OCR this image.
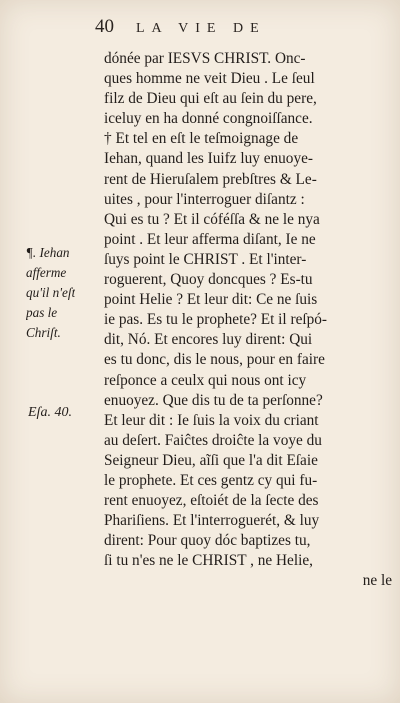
40 LA VIE DE
dónée par IESVS CHRIST. Onc-
ques homme ne veit Dieu . Le ſeul
filz de Dieu qui eſt au ſein du pere,
iceluy en ha donné congnoiſſance.
† Et tel en eſt le teſmoignage de
Iehan, quand les Iuifz luy enuoye-
rent de Hieruſalem prebſtres & Le-
uites , pour l'interroguer diſantz :
Qui es tu ? Et il cóféſſa & ne le nya
point . Et leur afferma diſant, Ie ne
ſuys point le CHRIST . Et l'inter-
roguerent, Quoy doncques ? Es-tu
point Helie ? Et leur dit: Ce ne ſuis
ie pas. Es tu le prophete? Et il reſpó-
dit, Nó. Et encores luy dirent: Qui
es tu donc, dis le nous, pour en faire
reſponce a ceulx qui nous ont icy
enuoyez. Que dis tu de ta perſonne?
Et leur dit : Ie ſuis la voix du criant
au deſert. Faiĉtes droiĉte la voye du
Seigneur Dieu, aĩſi que l'a dit Eſaie
le prophete. Et ces gentz cy qui fu-
rent enuoyez, eſtoiét de la ſecte des
Phariſiens. Et l'interroguerét, & luy
dirent: Pour quoy dóc baptizes tu,
ſi tu n'es ne le CHRIST , ne Helie,
ne le
¶. Iehan
afferme
qu'il n'eſt
pas le
Chriſt.
Eſa. 40.
